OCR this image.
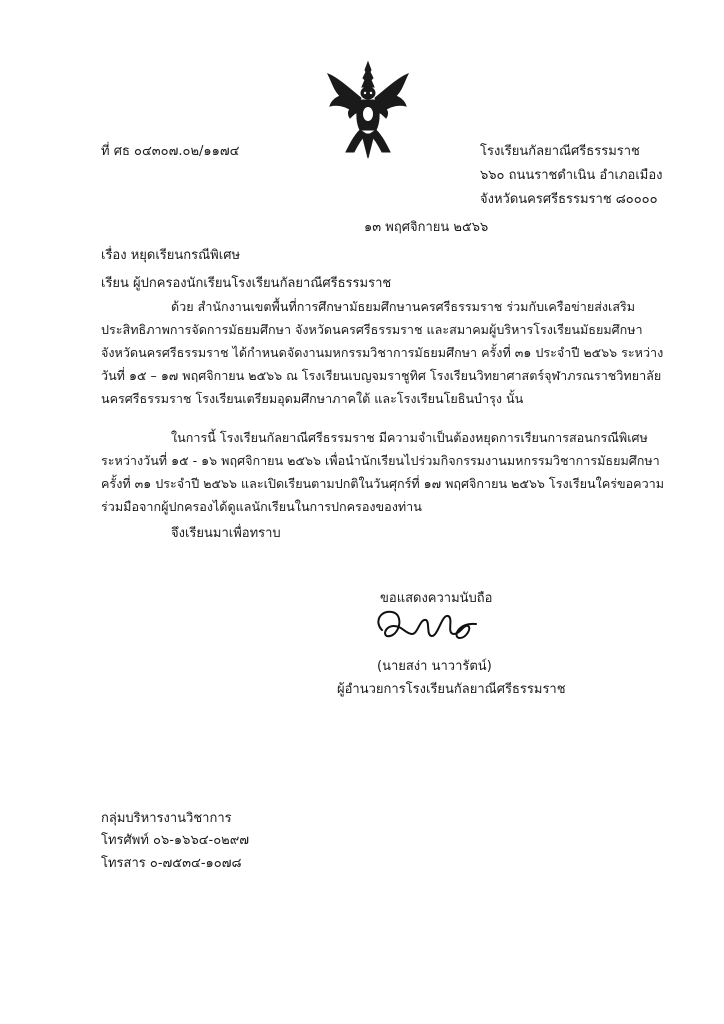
ที่ ศธ ๐๔๓๐๗.๐๒/๑๑๗๔	โรงเรียนกัลยาณีศรีธรรมราช
๖๖๐ ถนนราชดำเนิน อำเภอเมือง
จังหวัดนครศรีธรรมราช ๘๐๐๐๐
๑๓ พฤศจิกายน ๒๕๖๖
เรื่อง หยุดเรียนกรณีพิเศษ
เรียน ผู้ปกครองนักเรียนโรงเรียนกัลยาณีศรีธรรมราช
ด้วย สำนักงานเขตพื้นที่การศึกษามัธยมศึกษานครศรีธรรมราช ร่วมกับเครือข่ายส่งเสริม
ประสิทธิภาพการจัดการมัธยมศึกษา จังหวัดนครศรีธรรมราช และสมาคมผู้บริหารโรงเรียนมัธยมศึกษา
จังหวัดนครศรีธรรมราช ได้กำหนดจัดงานมหกรรมวิชาการมัธยมศึกษา ครั้งที่ ๓๑ ประจำปี ๒๕๖๖ ระหว่าง
วันที่ ๑๕ – ๑๗ พฤศจิกายน ๒๕๖๖ ณ โรงเรียนเบญจมราชูทิศ โรงเรียนวิทยาศาสตร์จุฬาภรณราชวิทยาลัย
นครศรีธรรมราช โรงเรียนเตรียมอุดมศึกษาภาคใต้ และโรงเรียนโยธินบำรุง นั้น
ในการนี้ โรงเรียนกัลยาณีศรีธรรมราช มีความจำเป็นต้องหยุดการเรียนการสอนกรณีพิเศษ
ระหว่างวันที่ ๑๕ - ๑๖ พฤศจิกายน ๒๕๖๖ เพื่อนำนักเรียนไปร่วมกิจกรรมงานมหกรรมวิชาการมัธยมศึกษา
ครั้งที่ ๓๑ ประจำปี ๒๕๖๖ และเปิดเรียนตามปกติในวันศุกร์ที่ ๑๗ พฤศจิกายน ๒๕๖๖ โรงเรียนใคร่ขอความ
ร่วมมือจากผู้ปกครองได้ดูแลนักเรียนในการปกครองของท่าน
จึงเรียนมาเพื่อทราบ
ขอแสดงความนับถือ
(นายสง่า นาวารัตน์)
ผู้อำนวยการโรงเรียนกัลยาณีศรีธรรมราช
กลุ่มบริหารงานวิชาการ
โทรศัพท์ ๐๖-๑๖๖๔-๐๒๙๗
โทรสาร ๐-๗๕๓๔-๑๐๗๘
